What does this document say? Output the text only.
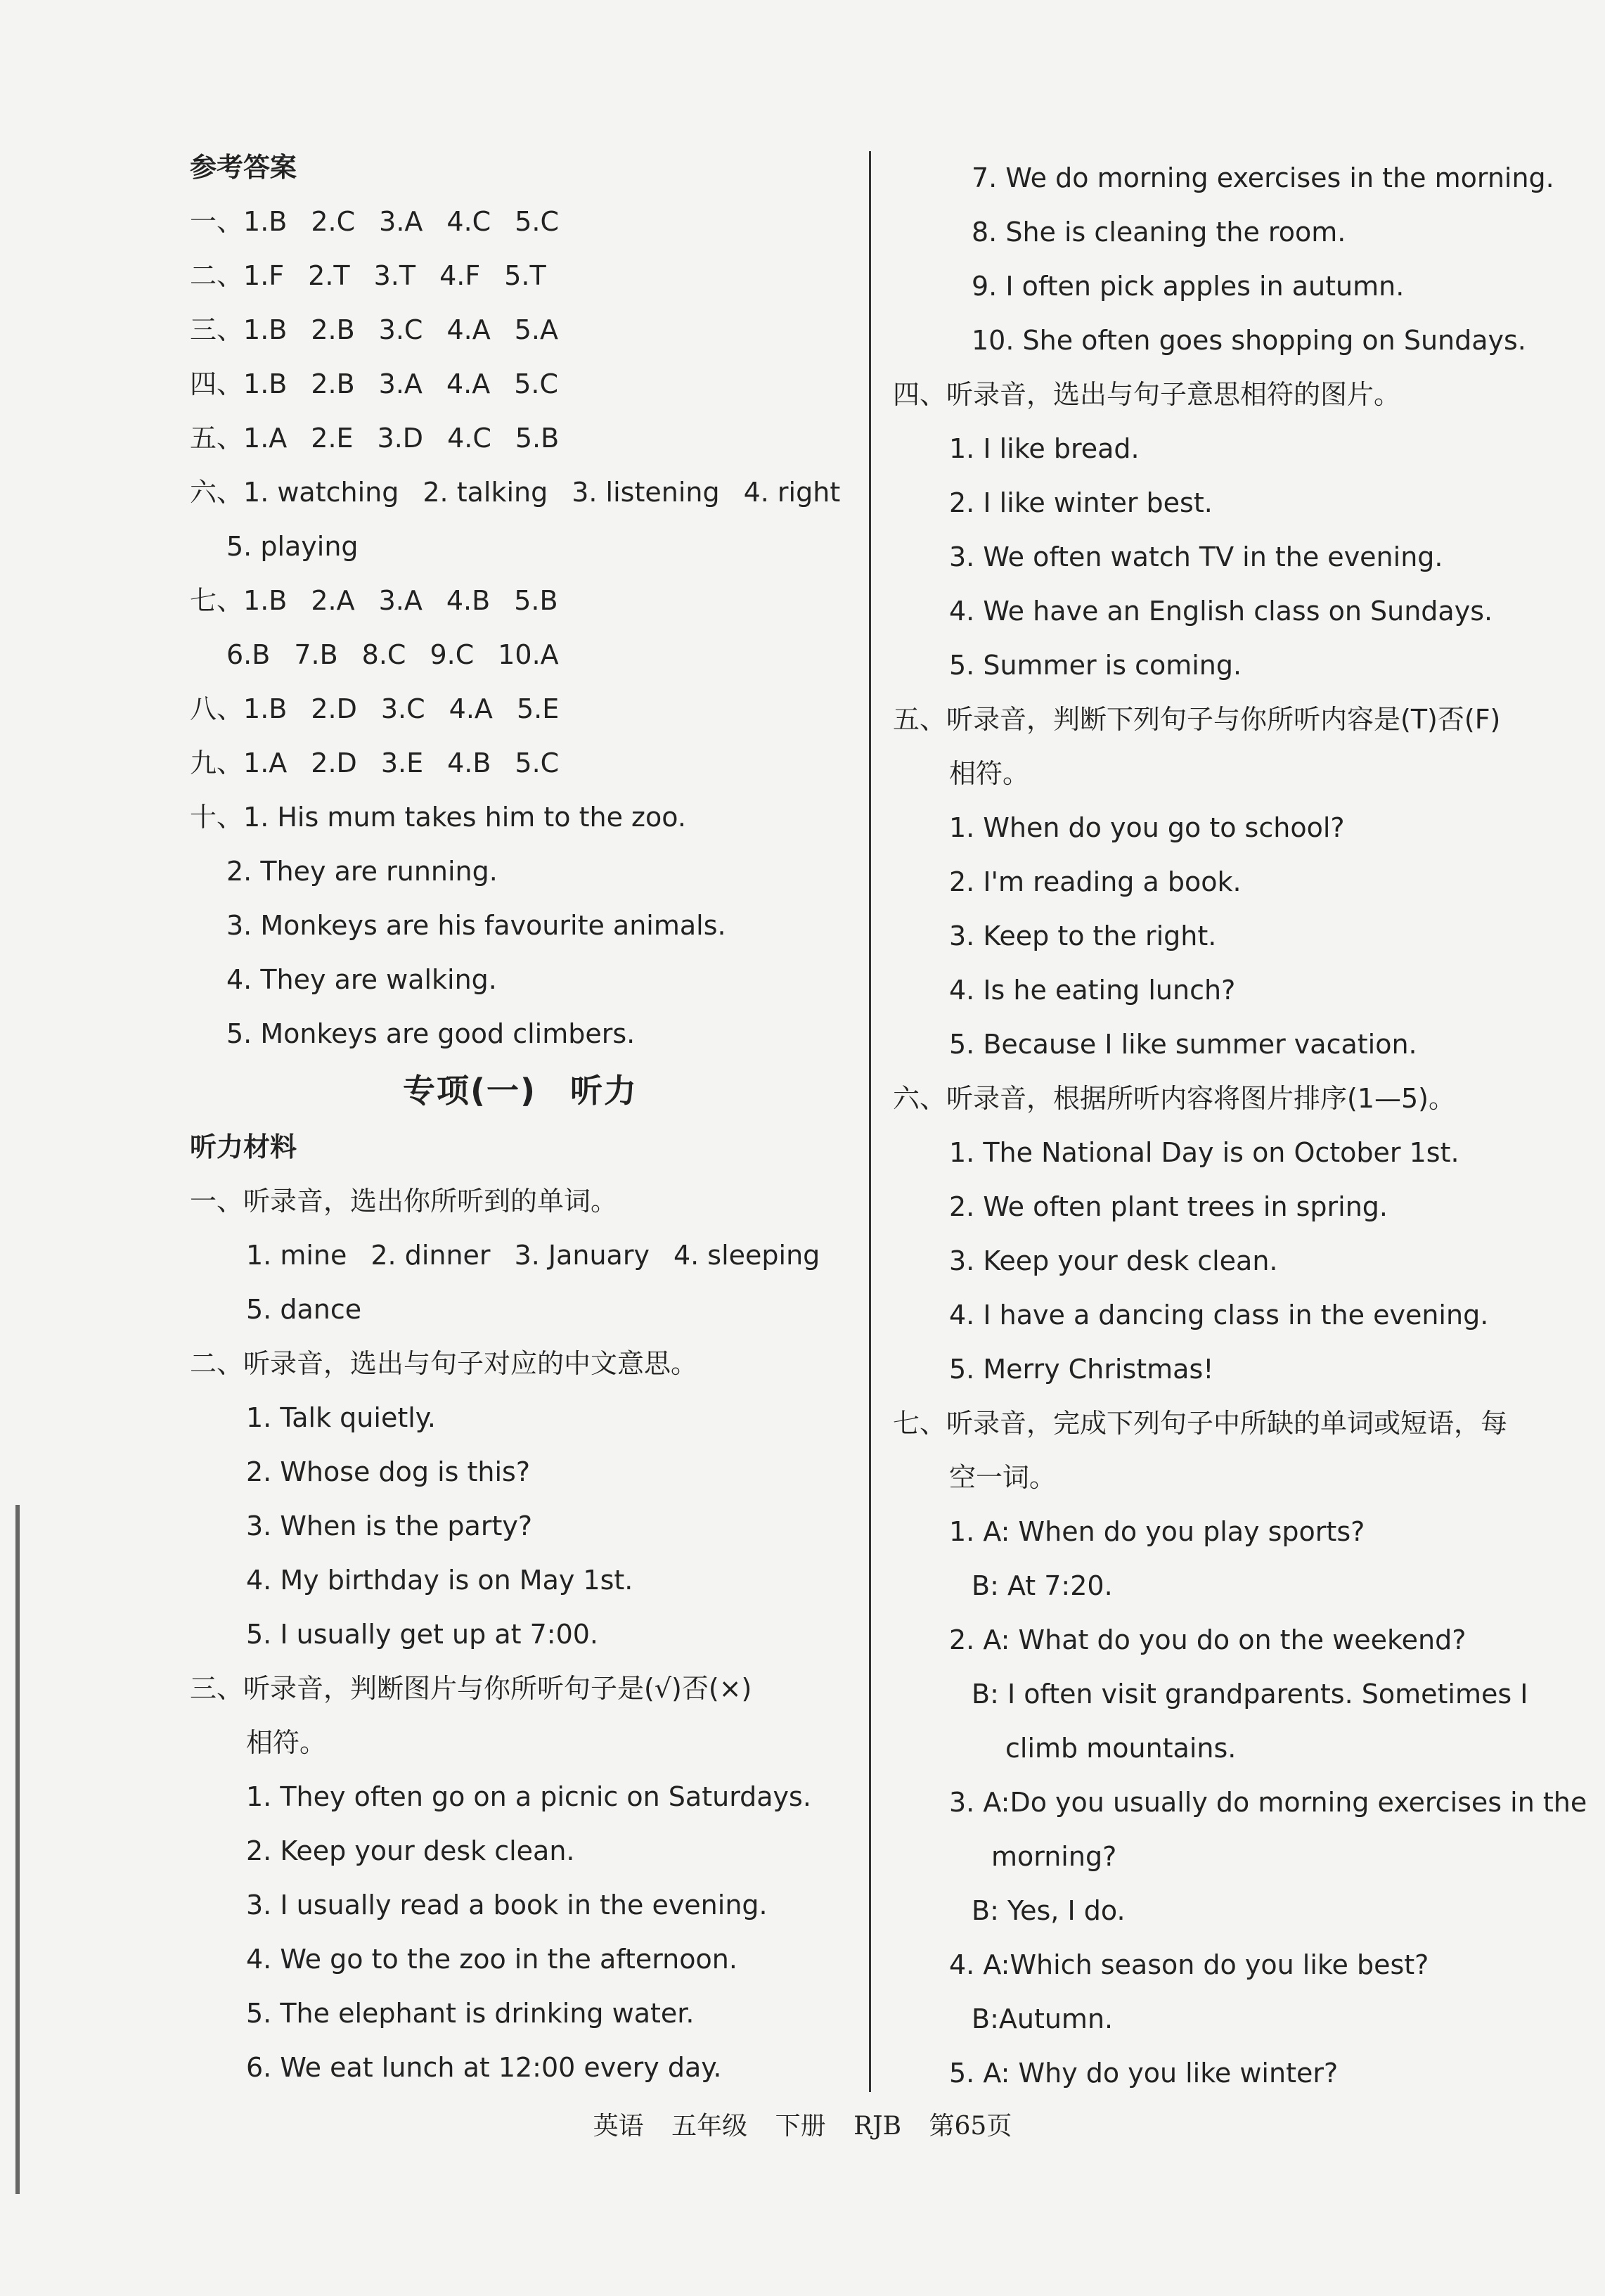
参考答案
一、1.B 2.C 3.A 4.C 5.C
二、1.F 2.T 3.T 4.F 5.T
三、1.B 2.B 3.C 4.A 5.A
四、1.B 2.B 3.A 4.A 5.C
五、1.A 2.E 3.D 4.C 5.B
六、1. watching 2. talking 3. listening 4. right
5. playing
七、1.B 2.A 3.A 4.B 5.B
6.B 7.B 8.C 9.C 10.A
八、1.B 2.D 3.C 4.A 5.E
九、1.A 2.D 3.E 4.B 5.C
十、1. His mum takes him to the zoo.
2. They are running.
3. Monkeys are his favourite animals.
4. They are walking.
5. Monkeys are good climbers.
专项(一)　听力
听力材料
一、听录音，选出你所听到的单词。
1. mine 2. dinner 3. January 4. sleeping
5. dance
二、听录音，选出与句子对应的中文意思。
1. Talk quietly.
2. Whose dog is this?
3. When is the party?
4. My birthday is on May 1st.
5. I usually get up at 7:00.
三、听录音，判断图片与你所听句子是(√)否(×)
相符。
1. They often go on a picnic on Saturdays.
2. Keep your desk clean.
3. I usually read a book in the evening.
4. We go to the zoo in the afternoon.
5. The elephant is drinking water.
6. We eat lunch at 12:00 every day.
7. We do morning exercises in the morning.
8. She is cleaning the room.
9. I often pick apples in autumn.
10. She often goes shopping on Sundays.
四、听录音，选出与句子意思相符的图片。
1. I like bread.
2. I like winter best.
3. We often watch TV in the evening.
4. We have an English class on Sundays.
5. Summer is coming.
五、听录音，判断下列句子与你所听内容是(T)否(F)
相符。
1. When do you go to school?
2. I'm reading a book.
3. Keep to the right.
4. Is he eating lunch?
5. Because I like summer vacation.
六、听录音，根据所听内容将图片排序(1—5)。
1. The National Day is on October 1st.
2. We often plant trees in spring.
3. Keep your desk clean.
4. I have a dancing class in the evening.
5. Merry Christmas!
七、听录音，完成下列句子中所缺的单词或短语，每
空一词。
1. A: When do you play sports?
B: At 7:20.
2. A: What do you do on the weekend?
B: I often visit grandparents. Sometimes I
climb mountains.
3. A:Do you usually do morning exercises in the
morning?
B: Yes, I do.
4. A:Which season do you like best?
B:Autumn.
5. A: Why do you like winter?
英语 五年级 下册 RJB 第65页
